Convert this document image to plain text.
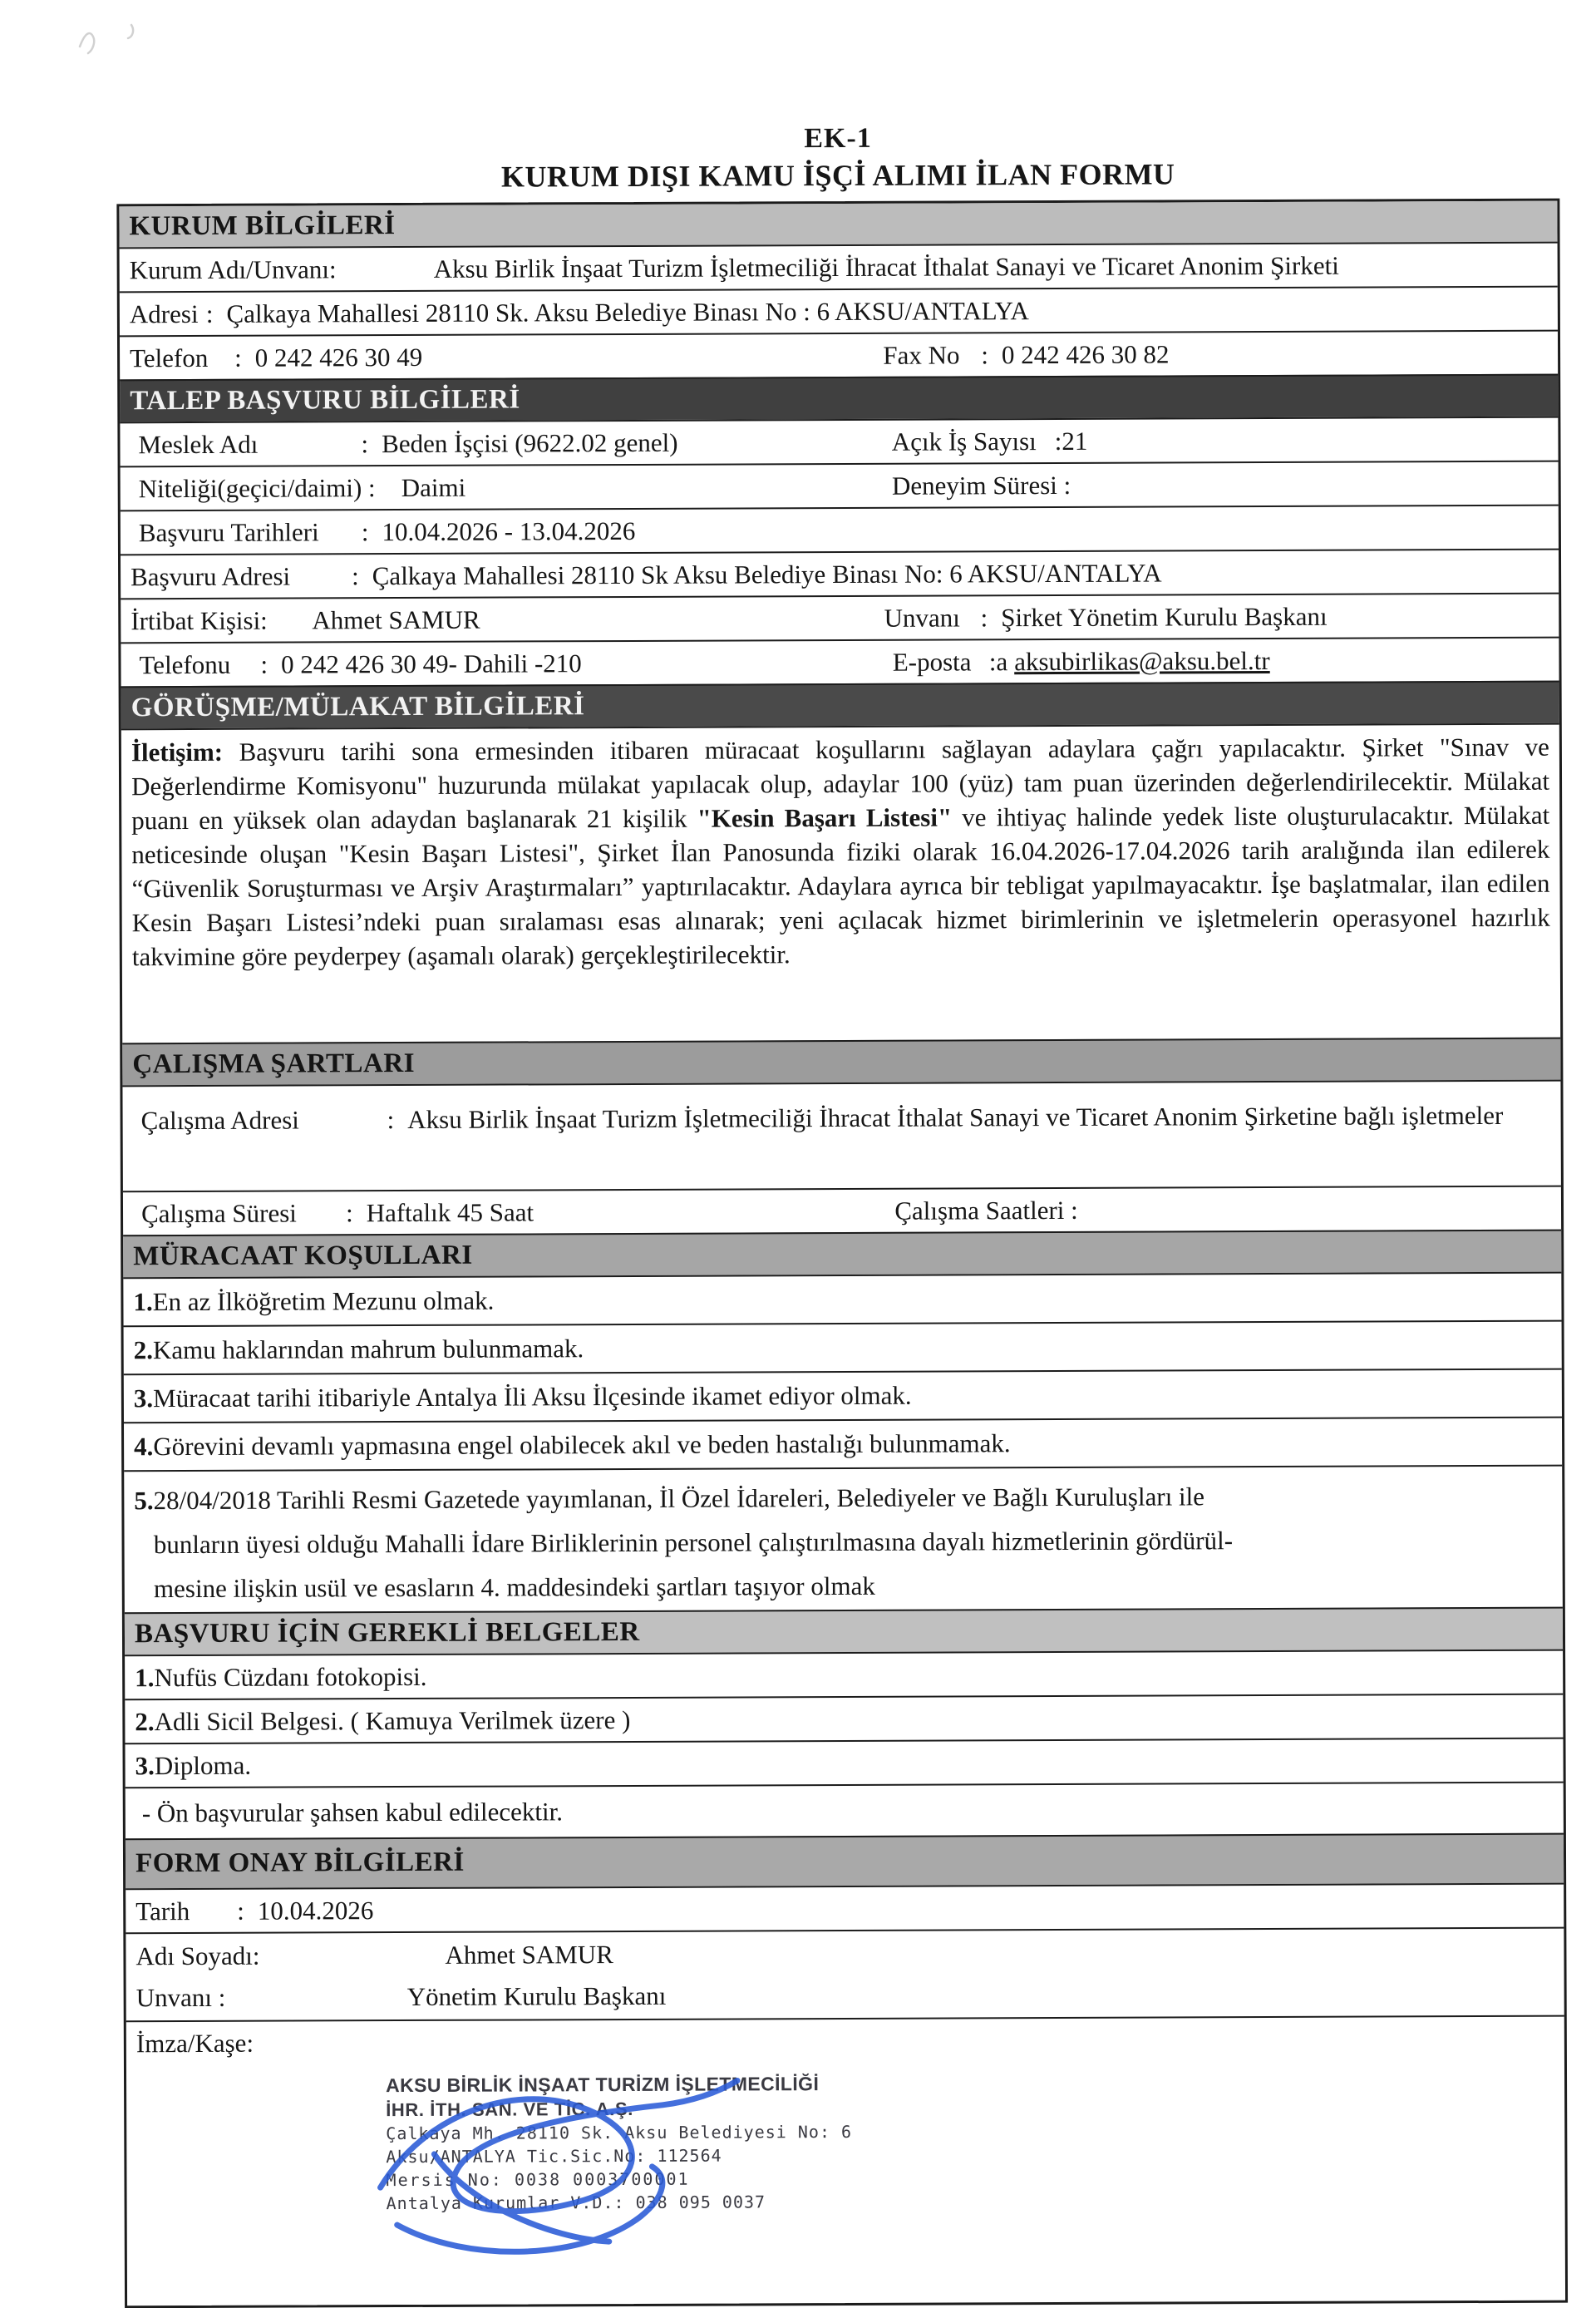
EK-1
KURUM DIŞI KAMU İŞÇİ ALIMI İLAN FORMU
KURUM BİLGİLERİ
Kurum Adı/Unvanı:	Aksu Birlik İnşaat Turizm İşletmeciliği İhracat İthalat Sanayi ve Ticaret Anonim Şirketi
Adresi : Çalkaya Mahallesi 28110 Sk. Aksu Belediye Binası No : 6 AKSU/ANTALYA
Telefon	: 0 242 426 30 49	Fax No : 0 242 426 30 82
TALEP BAŞVURU BİLGİLERİ
Meslek Adı	: Beden İşçisi (9622.02 genel)	Açık İş Sayısı : 21
Niteliği(geçici/daimi) : Daimi	Deneyim Süresi :
Başvuru Tarihleri	: 10.04.2026 - 13.04.2026
Başvuru Adresi	: Çalkaya Mahallesi 28110 Sk Aksu Belediye Binası No: 6 AKSU/ANTALYA
İrtibat Kişisi:	Ahmet SAMUR	Unvanı : Şirket Yönetim Kurulu Başkanı
Telefonu	: 0 242 426 30 49- Dahili -210	E-posta :a aksubirlikas@aksu.bel.tr
GÖRÜŞME/MÜLAKAT BİLGİLERİ
İletişim: Başvuru tarihi sona ermesinden itibaren müracaat koşullarını sağlayan adaylara çağrı yapılacaktır. Şirket "Sınav ve Değerlendirme Komisyonu" huzurunda mülakat yapılacak olup, adaylar 100 (yüz) tam puan üzerinden değerlendirilecektir. Mülakat puanı en yüksek olan adaydan başlanarak 21 kişilik "Kesin Başarı Listesi" ve ihtiyaç halinde yedek liste oluşturulacaktır. Mülakat neticesinde oluşan "Kesin Başarı Listesi", Şirket İlan Panosunda fiziki olarak 16.04.2026-17.04.2026 tarih aralığında ilan edilerek “Güvenlik Soruşturması ve Arşiv Araştırmaları” yaptırılacaktır. Adaylara ayrıca bir tebligat yapılmayacaktır. İşe başlatmalar, ilan edilen Kesin Başarı Listesi’ndeki puan sıralaması esas alınarak; yeni açılacak hizmet birimlerinin ve işletmelerin operasyonel hazırlık takvimine göre peyderpey (aşamalı olarak) gerçekleştirilecektir.
ÇALIŞMA ŞARTLARI
Çalışma Adresi	: Aksu Birlik İnşaat Turizm İşletmeciliği İhracat İthalat Sanayi ve Ticaret Anonim Şirketine bağlı işletmeler
Çalışma Süresi	: Haftalık 45 Saat	Çalışma Saatleri :
MÜRACAAT KOŞULLARI
1. En az İlköğretim Mezunu olmak.
2. Kamu haklarından mahrum bulunmamak.
3. Müracaat tarihi itibariyle Antalya İli Aksu İlçesinde ikamet ediyor olmak.
4. Görevini devamlı yapmasına engel olabilecek akıl ve beden hastalığı bulunmamak.
5. 28/04/2018 Tarihli Resmi Gazetede yayımlanan, İl Özel İdareleri, Belediyeler ve Bağlı Kuruluşları ile
bunların üyesi olduğu Mahalli İdare Birliklerinin personel çalıştırılmasına dayalı hizmetlerinin gördürül-
mesine ilişkin usül ve esasların 4. maddesindeki şartları taşıyor olmak
BAŞVURU İÇİN GEREKLİ BELGELER
1. Nufüs Cüzdanı fotokopisi.
2. Adli Sicil Belgesi. ( Kamuya Verilmek üzere )
3. Diploma.
- Ön başvurular şahsen kabul edilecektir.
FORM ONAY BİLGİLERİ
Tarih	: 10.04.2026
Adı Soyadı:	Ahmet SAMUR
Unvanı :	Yönetim Kurulu Başkanı
İmza/Kaşe:
AKSU BİRLİK İNŞAAT TURİZM İŞLETMECİLİĞİ
İHR. İTH. SAN. VE TİC. A.Ş.
Çalkaya Mh. 28110 Sk. Aksu Belediyesi No: 6
Aksu/ANTALYA Tic.Sic.No: 112564
Mersis No: 0038 0003700001
Antalya Kurumlar V.D.: 038 095 0037
